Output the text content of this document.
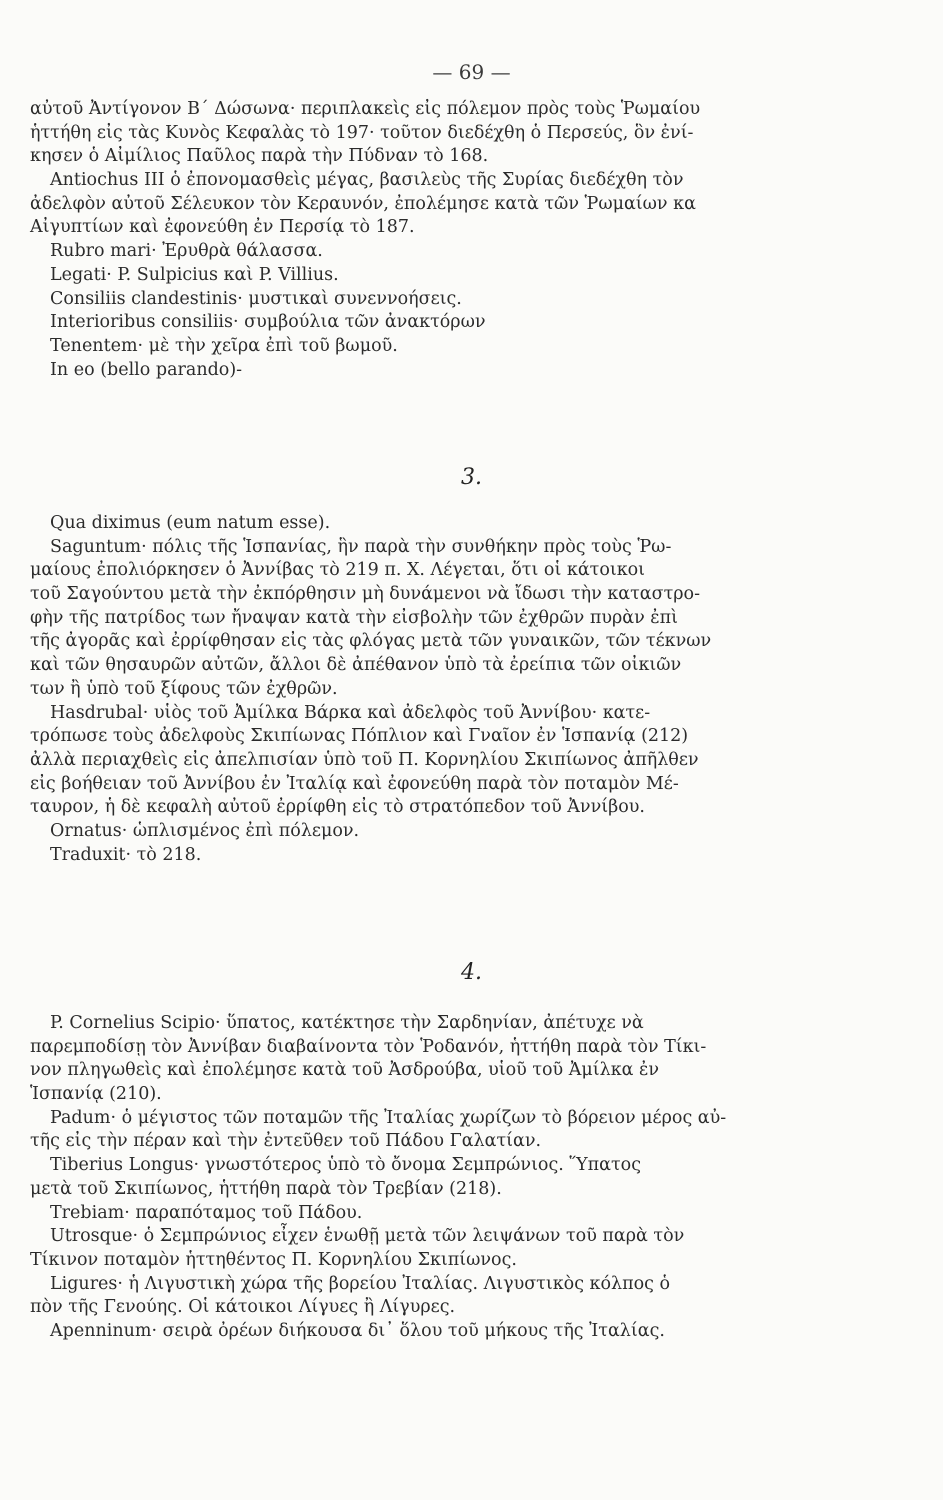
— 69 —
αὐτοῦ Ἀντίγονον Β΄ Δώσωνα· περιπλακεὶς εἰς πόλεμον πρὸς τοὺς Ῥωμαίου
ἡττήθη εἰς τὰς Κυνὸς Κεφαλὰς τὸ 197· τοῦτον διεδέχθη ὁ Περσεύς, ὃν ἐνί-
κησεν ὁ Αἰμίλιος Παῦλος παρὰ τὴν Πύδναν τὸ 168.
Antiochus III ὁ ἐπονομασθεὶς μέγας, βασιλεὺς τῆς Συρίας διεδέχθη τὸν
ἀδελφὸν αὐτοῦ Σέλευκον τὸν Κεραυνόν, ἐπολέμησε κατὰ τῶν Ῥωμαίων κα
Αἰγυπτίων καὶ ἐφονεύθη ἐν Περσίᾳ τὸ 187.
Rubro mari· Ἐρυθρὰ θάλασσα.
Legati· P. Sulpicius καὶ P. Villius.
Consiliis clandestinis· μυστικαὶ συνεννοήσεις.
Interioribus consiliis· συμβούλια τῶν ἀνακτόρων
Tenentem· μὲ τὴν χεῖρα ἐπὶ τοῦ βωμοῦ.
In eo (bello parando)-
3.
Qua diximus (eum natum esse).
Saguntum· πόλις τῆς Ἱσπανίας, ἣν παρὰ τὴν συνθήκην πρὸς τοὺς Ῥω-
μαίους ἐπολιόρκησεν ὁ Ἀννίβας τὸ 219 π. Χ. Λέγεται, ὅτι οἱ κάτοικοι
τοῦ Σαγούντου μετὰ τὴν ἐκπόρθησιν μὴ δυνάμενοι νὰ ἴδωσι τὴν καταστρο-
φὴν τῆς πατρίδος των ἤναψαν κατὰ τὴν εἰσβολὴν τῶν ἐχθρῶν πυρὰν ἐπὶ
τῆς ἀγορᾶς καὶ ἐρρίφθησαν εἰς τὰς φλόγας μετὰ τῶν γυναικῶν, τῶν τέκνων
καὶ τῶν θησαυρῶν αὐτῶν, ἄλλοι δὲ ἀπέθανον ὑπὸ τὰ ἐρείπια τῶν οἰκιῶν
των ἢ ὑπὸ τοῦ ξίφους τῶν ἐχθρῶν.
Hasdrubal· υἱὸς τοῦ Ἀμίλκα Βάρκα καὶ ἀδελφὸς τοῦ Ἀννίβου· κατε-
τρόπωσε τοὺς ἀδελφοὺς Σκιπίωνας Πόπλιον καὶ Γναῖον ἐν Ἱσπανίᾳ (212)
ἀλλὰ περιαχθεὶς εἰς ἀπελπισίαν ὑπὸ τοῦ Π. Κορνηλίου Σκιπίωνος ἀπῆλθεν
εἰς βοήθειαν τοῦ Ἀννίβου ἐν Ἰταλίᾳ καὶ ἐφονεύθη παρὰ τὸν ποταμὸν Μέ-
ταυρον, ἡ δὲ κεφαλὴ αὐτοῦ ἐρρίφθη εἰς τὸ στρατόπεδον τοῦ Ἀννίβου.
Ornatus· ὡπλισμένος ἐπὶ πόλεμον.
Traduxit· τὸ 218.
4.
P. Cornelius Scipio· ὕπατος, κατέκτησε τὴν Σαρδηνίαν, ἀπέτυχε νὰ
παρεμποδίσῃ τὸν Ἀννίβαν διαβαίνοντα τὸν Ῥοδανόν, ἡττήθη παρὰ τὸν Τίκι-
νον πληγωθεὶς καὶ ἐπολέμησε κατὰ τοῦ Ἀσδρούβα, υἱοῦ τοῦ Ἀμίλκα ἐν
Ἱσπανίᾳ (210).
Padum· ὁ μέγιστος τῶν ποταμῶν τῆς Ἰταλίας χωρίζων τὸ βόρειον μέρος αὐ-
τῆς εἰς τὴν πέραν καὶ τὴν ἐντεῦθεν τοῦ Πάδου Γαλατίαν.
Tiberius Longus· γνωστότερος ὑπὸ τὸ ὄνομα Σεμπρώνιος. Ὕπατος
μετὰ τοῦ Σκιπίωνος, ἡττήθη παρὰ τὸν Τρεβίαν (218).
Trebiam· παραπόταμος τοῦ Πάδου.
Utrosque· ὁ Σεμπρώνιος εἶχεν ἑνωθῇ μετὰ τῶν λειψάνων τοῦ παρὰ τὸν
Τίκινον ποταμὸν ἡττηθέντος Π. Κορνηλίου Σκιπίωνος.
Ligures· ἡ Λιγυστικὴ χώρα τῆς βορείου Ἰταλίας. Λιγυστικὸς κόλπος ὁ
πὸν τῆς Γενούης. Οἱ κάτοικοι Λίγυες ἢ Λίγυρες.
Apenninum· σειρὰ ὀρέων διήκουσα δι᾿ ὅλου τοῦ μήκους τῆς Ἰταλίας.
